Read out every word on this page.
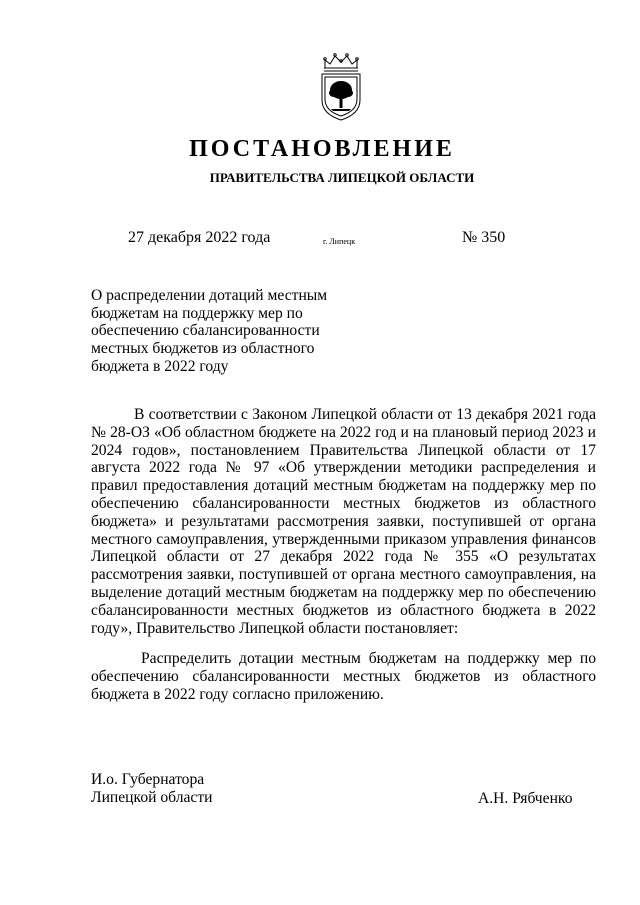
ПОСТАНОВЛЕНИЕ
ПРАВИТЕЛЬСТВА ЛИПЕЦКОЙ ОБЛАСТИ
27 декабря 2022 года	г. Липецк	№ 350
О распределении дотаций местным бюджетам на поддержку мер по обеспечению сбалансированности местных бюджетов из областного бюджета в 2022 году
В соответствии с Законом Липецкой области от 13 декабря 2021 года № 28-ОЗ «Об областном бюджете на 2022 год и на плановый период 2023 и 2024 годов», постановлением Правительства Липецкой области от 17 августа 2022 года № 97 «Об утверждении методики распределения и правил предоставления дотаций местным бюджетам на поддержку мер по обеспечению сбалансированности местных бюджетов из областного бюджета» и результатами рассмотрения заявки, поступившей от органа местного самоуправления, утвержденными приказом управления финансов Липецкой области от 27 декабря 2022 года № 355 «О результатах рассмотрения заявки, поступившей от органа местного самоуправления, на выделение дотаций местным бюджетам на поддержку мер по обеспечению сбалансированности местных бюджетов из областного бюджета в 2022 году», Правительство Липецкой области постановляет:
Распределить дотации местным бюджетам на поддержку мер по обеспечению сбалансированности местных бюджетов из областного бюджета в 2022 году согласно приложению.
И.о. Губернатора
Липецкой области	А.Н. Рябченко
